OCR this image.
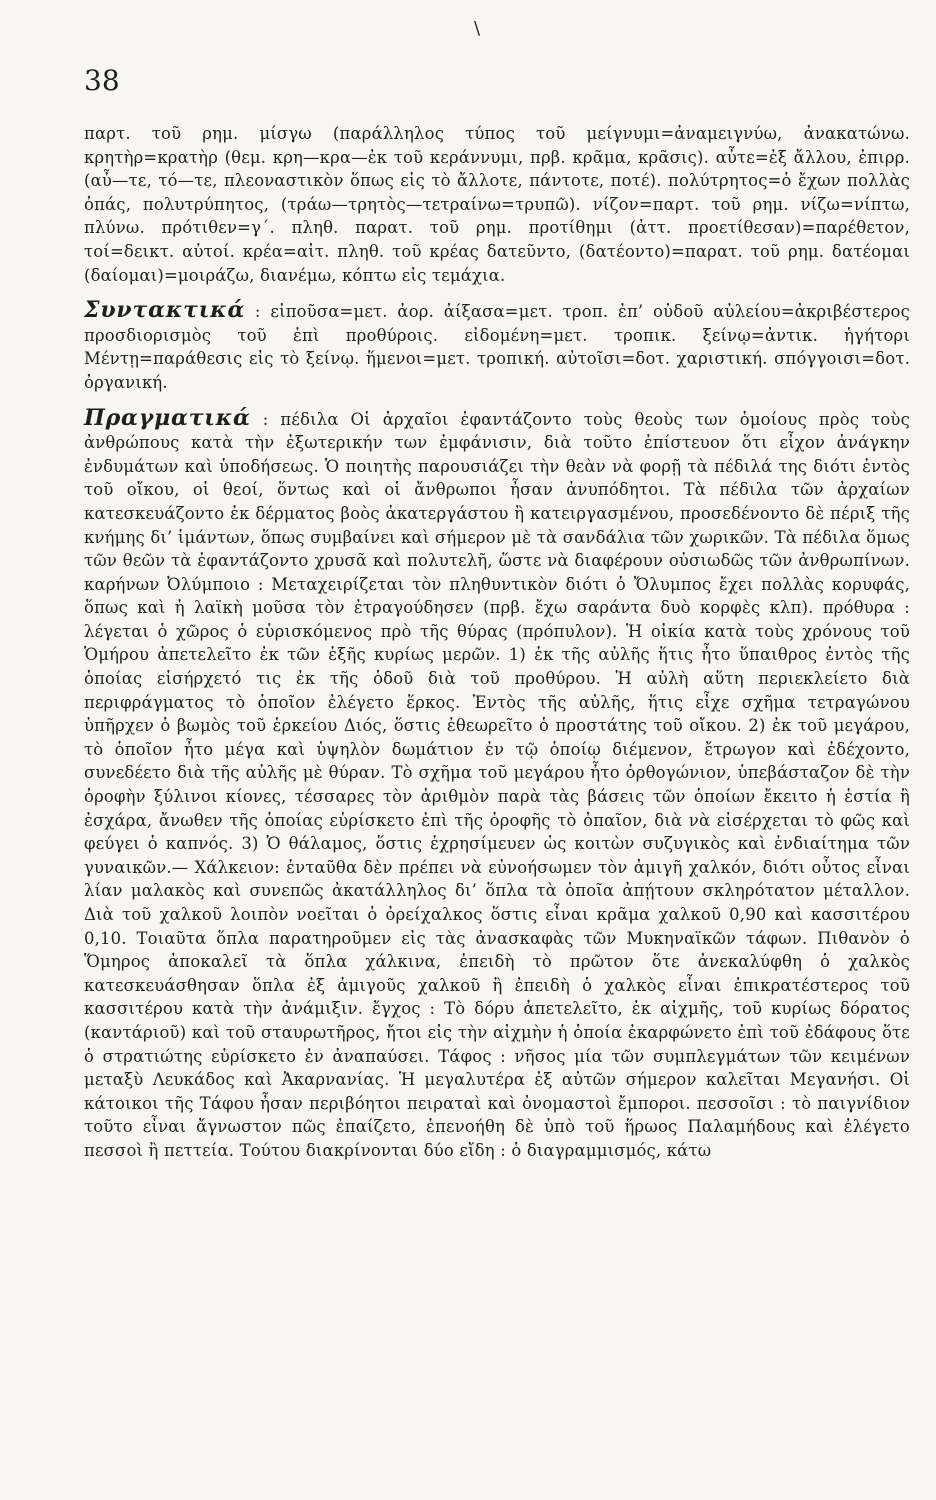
\
38

παρτ. τοῦ ρημ. μίσγω (παράλληλος τύπος τοῦ μείγνυμι=ἀναμειγνύω, ἀνακατώνω. κρητὴρ=κρατὴρ (θεμ. κρη—κρα—ἐκ τοῦ κεράννυμι, πρβ. κρᾶμα, κρᾶσις). αὖτε=ἐξ ἄλλου, ἐπιρρ. (αὖ—τε, τό—τε, πλεοναστικὸν ὅπως εἰς τὸ ἄλλοτε, πάντοτε, ποτέ). πολύτρητος=ὁ ἔχων πολλὰς ὀπάς, πολυτρύπητος, (τράω—τρητὸς—τετραίνω=τρυπῶ). νίζον=παρτ. τοῦ ρημ. νίζω=νίπτω, πλύνω. πρότιθεν=γ΄. πληθ. παρατ. τοῦ ρημ. προτίθημι (ἀττ. προετίθεσαν)=παρέθετον, τοί=δεικτ. αὐτοί. κρέα=αἰτ. πληθ. τοῦ κρέας δατεῦντο, (δατέοντο)=παρατ. τοῦ ρημ. δατέομαι (δαίομαι)=μοιράζω, διανέμω, κόπτω εἰς τεμάχια.

Συντακτικά : εἰποῦσα=μετ. ἀορ. ἀίξασα=μετ. τροπ. ἐπ’ οὐδοῦ αὐλείου=ἀκριβέστερος προσδιορισμὸς τοῦ ἐπὶ προθύροις. εἰδομένη=μετ. τροπικ. ξείνῳ=ἀντικ. ἡγήτορι Μέντῃ=παράθεσις εἰς τὸ ξείνῳ. ἥμενοι=μετ. τροπική. αὐτοῖσι=δοτ. χαριστική. σπόγγοισι=δοτ. ὀργανική.

Πραγματικά : πέδιλα Οἱ ἀρχαῖοι ἐφαντάζοντο τοὺς θεοὺς των ὁμοίους πρὸς τοὺς ἀνθρώπους κατὰ τὴν ἐξωτερικήν των ἐμφάνισιν, διὰ τοῦτο ἐπίστευον ὅτι εἶχον ἀνάγκην ἐνδυμάτων καὶ ὑποδήσεως. Ὁ ποιητὴς παρουσιάζει τὴν θεὰν νὰ φορῇ τὰ πέδιλά της διότι ἐντὸς τοῦ οἴκου, οἱ θεοί, ὅντως καὶ οἱ ἄνθρωποι ἦσαν ἀνυπόδητοι. Τὰ πέδιλα τῶν ἀρχαίων κατεσκευάζοντο ἐκ δέρματος βοὸς ἀκατεργάστου ἢ κατειργασμένου, προσεδένοντο δὲ πέριξ τῆς κνήμης δι’ ἱμάντων, ὅπως συμβαίνει καὶ σήμερον μὲ τὰ σανδάλια τῶν χωρικῶν. Τὰ πέδιλα ὅμως τῶν θεῶν τὰ ἐφαντάζοντο χρυσᾶ καὶ πολυτελῆ, ὥστε νὰ διαφέρουν οὐσιωδῶς τῶν ἀνθρωπίνων. καρήνων Ὀλύμποιο : Μεταχειρίζεται τὸν πληθυντικὸν διότι ὁ Ὄλυμπος ἔχει πολλὰς κορυφάς, ὅπως καὶ ἡ λαϊκὴ μοῦσα τὸν ἐτραγούδησεν (πρβ. ἔχω σαράντα δυὸ κορφὲς κλπ). πρόθυρα : λέγεται ὁ χῶρος ὁ εὑρισκόμενος πρὸ τῆς θύρας (πρόπυλον). Ἡ οἰκία κατὰ τοὺς χρόνους τοῦ Ὁμήρου ἀπετελεῖτο ἐκ τῶν ἑξῆς κυρίως μερῶν. 1) ἐκ τῆς αὐλῆς ἥτις ἦτο ὕπαιθρος ἐντὸς τῆς ὁποίας εἰσήρχετό τις ἐκ τῆς ὁδοῦ διὰ τοῦ προθύρου. Ἡ αὐλὴ αὕτη περιεκλείετο διὰ περιφράγματος τὸ ὁποῖον ἐλέγετο ἕρκος. Ἐντὸς τῆς αὐλῆς, ἥτις εἶχε σχῆμα τετραγώνου ὑπῆρχεν ὁ βωμὸς τοῦ ἑρκείου Διός, ὅστις ἐθεωρεῖτο ὁ προστάτης τοῦ οἴκου. 2) ἐκ τοῦ μεγάρου, τὸ ὁποῖον ἦτο μέγα καὶ ὑψηλὸν δωμάτιον ἐν τῷ ὁποίῳ διέμενον, ἔτρωγον καὶ ἐδέχοντο, συνεδέετο διὰ τῆς αὐλῆς μὲ θύραν. Τὸ σχῆμα τοῦ μεγάρου ἦτο ὀρθογώνιον, ὑπεβάσταζον δὲ τὴν ὀροφὴν ξύλινοι κίονες, τέσσαρες τὸν ἀριθμὸν παρὰ τὰς βάσεις τῶν ὁποίων ἔκειτο ἡ ἑστία ἢ ἐσχάρα, ἄνωθεν τῆς ὁποίας εὑρίσκετο ἐπὶ τῆς ὀροφῆς τὸ ὀπαῖον, διὰ νὰ εἰσέρχεται τὸ φῶς καὶ φεύγει ὁ καπνός. 3) Ὁ θάλαμος, ὅστις ἐχρησίμευεν ὡς κοιτὼν συζυγικὸς καὶ ἐνδιαίτημα τῶν γυναικῶν.— Χάλκειον: ἐνταῦθα δὲν πρέπει νὰ εὐνοήσωμεν τὸν ἀμιγῆ χαλκόν, διότι οὗτος εἶναι λίαν μαλακὸς καὶ συνεπῶς ἀκατάλληλος δι’ ὅπλα τὰ ὁποῖα ἀπῄτουν σκληρότατον μέταλλον. Διὰ τοῦ χαλκοῦ λοιπὸν νοεῖται ὁ ὀρείχαλκος ὅστις εἶναι κρᾶμα χαλκοῦ 0,90 καὶ κασσιτέρου 0,10. Τοιαῦτα ὅπλα παρατηροῦμεν εἰς τὰς ἀνασκαφὰς τῶν Μυκηναϊκῶν τάφων. Πιθανὸν ὁ Ὅμηρος ἀποκαλεῖ τὰ ὅπλα χάλκινα, ἐπειδὴ τὸ πρῶτον ὅτε ἀνεκαλύφθη ὁ χαλκὸς κατεσκευάσθησαν ὅπλα ἐξ ἀμιγοῦς χαλκοῦ ἢ ἐπειδὴ ὁ χαλκὸς εἶναι ἐπικρατέστερος τοῦ κασσιτέρου κατὰ τὴν ἀνάμιξιν. ἔγχος : Τὸ δόρυ ἀπετελεῖτο, ἐκ αἰχμῆς, τοῦ κυρίως δόρατος (καντάριοῦ) καὶ τοῦ σταυρωτῆρος, ἤτοι εἰς τὴν αἰχμὴν ἡ ὁποία ἐκαρφώνετο ἐπὶ τοῦ ἐδάφους ὅτε ὁ στρατιώτης εὑρίσκετο ἐν ἀναπαύσει. Τάφος : νῆσος μία τῶν συμπλεγμάτων τῶν κειμένων μεταξὺ Λευκάδος καὶ Ἀκαρνανίας. Ἡ μεγαλυτέρα ἐξ αὐτῶν σήμερον καλεῖται Μεγανήσι. Οἱ κάτοικοι τῆς Τάφου ἦσαν περιβόητοι πειραταὶ καὶ ὀνομαστοὶ ἔμποροι. πεσσοῖσι : τὸ παιγνίδιον τοῦτο εἶναι ἄγνωστον πῶς ἐπαίζετο, ἐπενοήθη δὲ ὑπὸ τοῦ ἥρωος Παλαμήδους καὶ ἐλέγετο πεσσοὶ ἢ πεττεία. Τούτου διακρίνονται δύο εἴδη : ὁ διαγραμμισμός, κάτω
